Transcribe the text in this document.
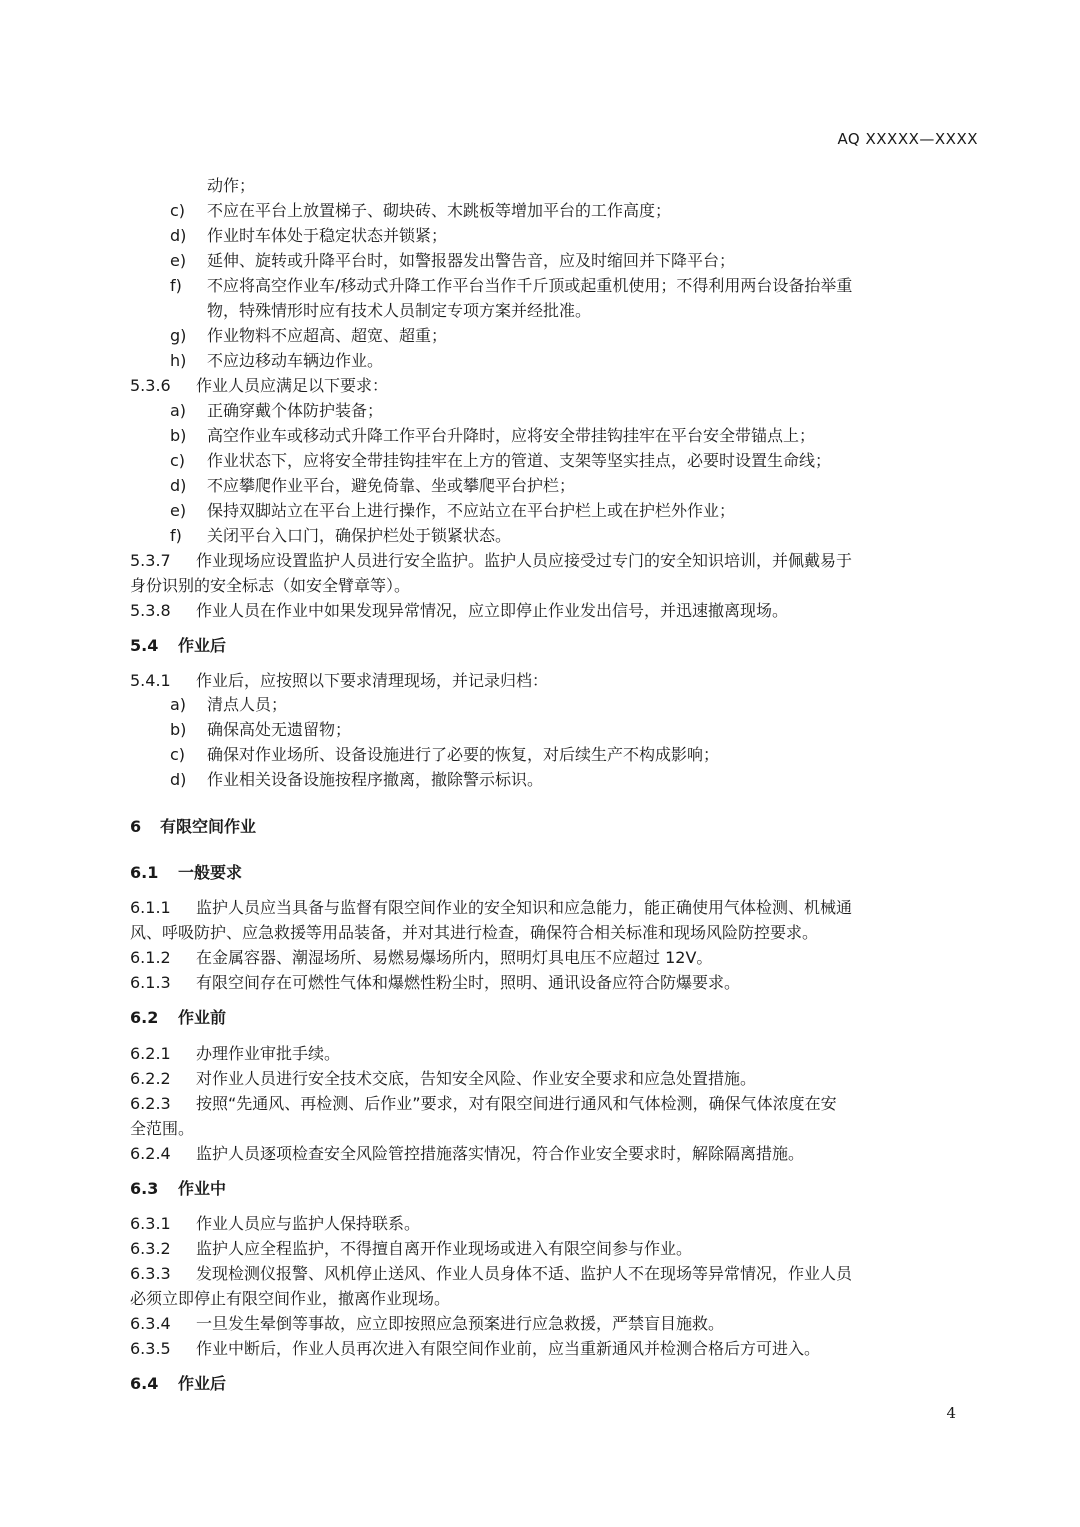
AQ XXXXX—XXXX
动作；
c) 不应在平台上放置梯子、砌块砖、木跳板等增加平台的工作高度；
d) 作业时车体处于稳定状态并锁紧；
e) 延伸、旋转或升降平台时，如警报器发出警告音，应及时缩回并下降平台；
f) 不应将高空作业车/移动式升降工作平台当作千斤顶或起重机使用；不得利用两台设备抬举重
物，特殊情形时应有技术人员制定专项方案并经批准。
g) 作业物料不应超高、超宽、超重；
h) 不应边移动车辆边作业。
5.3.6 作业人员应满足以下要求：
a) 正确穿戴个体防护装备；
b) 高空作业车或移动式升降工作平台升降时，应将安全带挂钩挂牢在平台安全带锚点上；
c) 作业状态下，应将安全带挂钩挂牢在上方的管道、支架等坚实挂点，必要时设置生命线；
d) 不应攀爬作业平台，避免倚靠、坐或攀爬平台护栏；
e) 保持双脚站立在平台上进行操作，不应站立在平台护栏上或在护栏外作业；
f) 关闭平台入口门，确保护栏处于锁紧状态。
5.3.7 作业现场应设置监护人员进行安全监护。监护人员应接受过专门的安全知识培训，并佩戴易于
身份识别的安全标志（如安全臂章等）。
5.3.8 作业人员在作业中如果发现异常情况，应立即停止作业发出信号，并迅速撤离现场。
5.4 作业后
5.4.1 作业后，应按照以下要求清理现场，并记录归档：
a) 清点人员；
b) 确保高处无遗留物；
c) 确保对作业场所、设备设施进行了必要的恢复，对后续生产不构成影响；
d) 作业相关设备设施按程序撤离，撤除警示标识。
6 有限空间作业
6.1 一般要求
6.1.1 监护人员应当具备与监督有限空间作业的安全知识和应急能力，能正确使用气体检测、机械通
风、呼吸防护、应急救援等用品装备，并对其进行检查，确保符合相关标准和现场风险防控要求。
6.1.2 在金属容器、潮湿场所、易燃易爆场所内，照明灯具电压不应超过 12V。
6.1.3 有限空间存在可燃性气体和爆燃性粉尘时，照明、通讯设备应符合防爆要求。
6.2 作业前
6.2.1 办理作业审批手续。
6.2.2 对作业人员进行安全技术交底，告知安全风险、作业安全要求和应急处置措施。
6.2.3 按照“先通风、再检测、后作业”要求，对有限空间进行通风和气体检测，确保气体浓度在安
全范围。
6.2.4 监护人员逐项检查安全风险管控措施落实情况，符合作业安全要求时，解除隔离措施。
6.3 作业中
6.3.1 作业人员应与监护人保持联系。
6.3.2 监护人应全程监护，不得擅自离开作业现场或进入有限空间参与作业。
6.3.3 发现检测仪报警、风机停止送风、作业人员身体不适、监护人不在现场等异常情况，作业人员
必须立即停止有限空间作业，撤离作业现场。
6.3.4 一旦发生晕倒等事故，应立即按照应急预案进行应急救援，严禁盲目施救。
6.3.5 作业中断后，作业人员再次进入有限空间作业前，应当重新通风并检测合格后方可进入。
6.4 作业后
4
